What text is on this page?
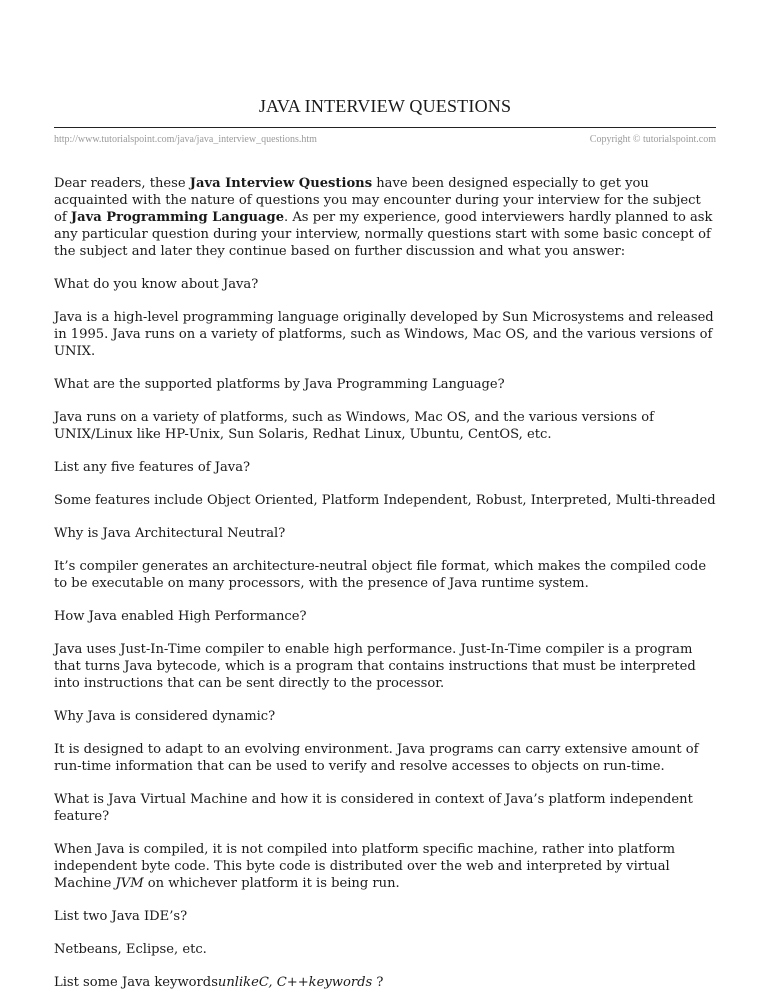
JAVA INTERVIEW QUESTIONS
http://www.tutorialspoint.com/java/java_interview_questions.htm	Copyright © tutorialspoint.com

Dear readers, these Java Interview Questions have been designed especially to get you acquainted with the nature of questions you may encounter during your interview for the subject of Java Programming Language. As per my experience, good interviewers hardly planned to ask any particular question during your interview, normally questions start with some basic concept of the subject and later they continue based on further discussion and what you answer:

What do you know about Java?

Java is a high-level programming language originally developed by Sun Microsystems and released in 1995. Java runs on a variety of platforms, such as Windows, Mac OS, and the various versions of UNIX.

What are the supported platforms by Java Programming Language?

Java runs on a variety of platforms, such as Windows, Mac OS, and the various versions of UNIX/Linux like HP-Unix, Sun Solaris, Redhat Linux, Ubuntu, CentOS, etc.

List any five features of Java?

Some features include Object Oriented, Platform Independent, Robust, Interpreted, Multi-threaded

Why is Java Architectural Neutral?

It’s compiler generates an architecture-neutral object file format, which makes the compiled code to be executable on many processors, with the presence of Java runtime system.

How Java enabled High Performance?

Java uses Just-In-Time compiler to enable high performance. Just-In-Time compiler is a program that turns Java bytecode, which is a program that contains instructions that must be interpreted into instructions that can be sent directly to the processor.

Why Java is considered dynamic?

It is designed to adapt to an evolving environment. Java programs can carry extensive amount of run-time information that can be used to verify and resolve accesses to objects on run-time.

What is Java Virtual Machine and how it is considered in context of Java’s platform independent feature?

When Java is compiled, it is not compiled into platform specific machine, rather into platform independent byte code. This byte code is distributed over the web and interpreted by virtual Machine JVM on whichever platform it is being run.

List two Java IDE’s?

Netbeans, Eclipse, etc.

List some Java keywordsunlikeC, C++keywords ?
